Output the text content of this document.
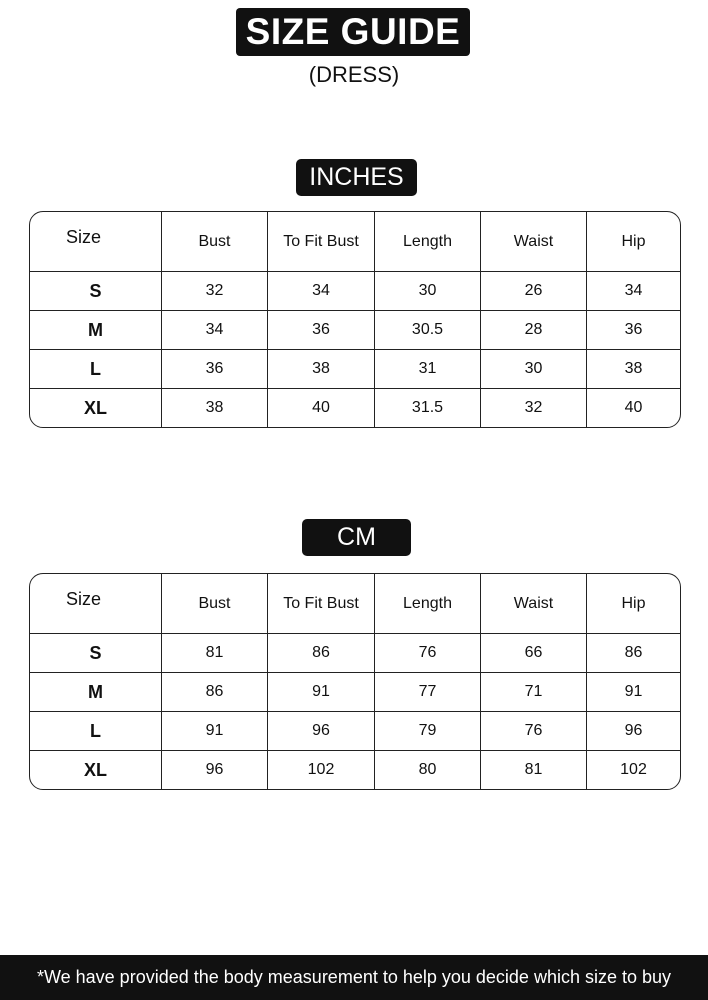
SIZE GUIDE
(DRESS)
INCHES
Size	Bust	To Fit Bust	Length	Waist	Hip
S	32	34	30	26	34
M	34	36	30.5	28	36
L	36	38	31	30	38
XL	38	40	31.5	32	40
CM
Size	Bust	To Fit Bust	Length	Waist	Hip
S	81	86	76	66	86
M	86	91	77	71	91
L	91	96	79	76	96
XL	96	102	80	81	102
*We have provided the body measurement to help you decide which size to buy
